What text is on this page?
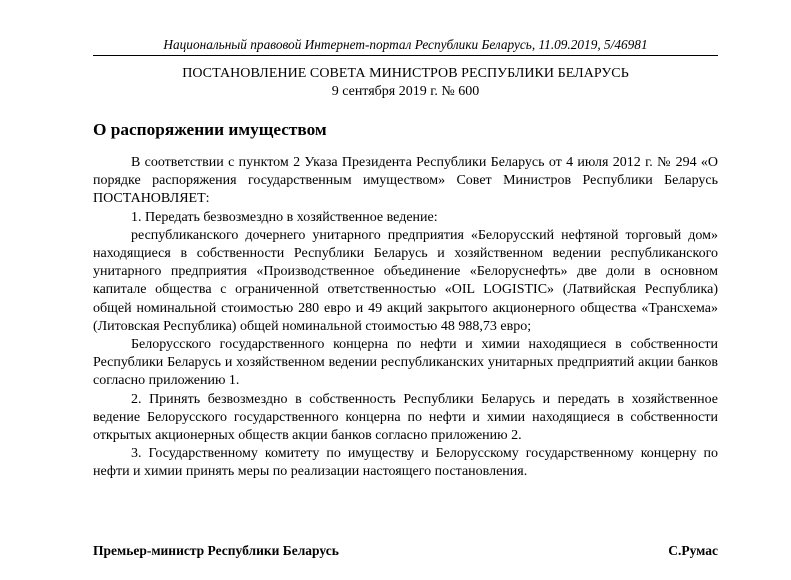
Национальный правовой Интернет-портал Республики Беларусь, 11.09.2019, 5/46981
ПОСТАНОВЛЕНИЕ СОВЕТА МИНИСТРОВ РЕСПУБЛИКИ БЕЛАРУСЬ
9 сентября 2019 г. № 600
О распоряжении имуществом

В соответствии с пунктом 2 Указа Президента Республики Беларусь от 4 июля 2012 г. № 294 «О порядке распоряжения государственным имуществом» Совет Министров Республики Беларусь ПОСТАНОВЛЯЕТ:

1. Передать безвозмездно в хозяйственное ведение:

республиканского дочернего унитарного предприятия «Белорусский нефтяной торговый дом» находящиеся в собственности Республики Беларусь и хозяйственном ведении республиканского унитарного предприятия «Производственное объединение «Белоруснефть» две доли в основном капитале общества с ограниченной ответственностью «OIL LOGISTIC» (Латвийская Республика) общей номинальной стоимостью 280 евро и 49 акций закрытого акционерного общества «Трансхема» (Литовская Республика) общей номинальной стоимостью 48 988,73 евро;

Белорусского государственного концерна по нефти и химии находящиеся в собственности Республики Беларусь и хозяйственном ведении республиканских унитарных предприятий акции банков согласно приложению 1.

2. Принять безвозмездно в собственность Республики Беларусь и передать в хозяйственное ведение Белорусского государственного концерна по нефти и химии находящиеся в собственности открытых акционерных обществ акции банков согласно приложению 2.

3. Государственному комитету по имуществу и Белорусскому государственному концерну по нефти и химии принять меры по реализации настоящего постановления.

Премьер-министр Республики Беларусь	С.Румас
